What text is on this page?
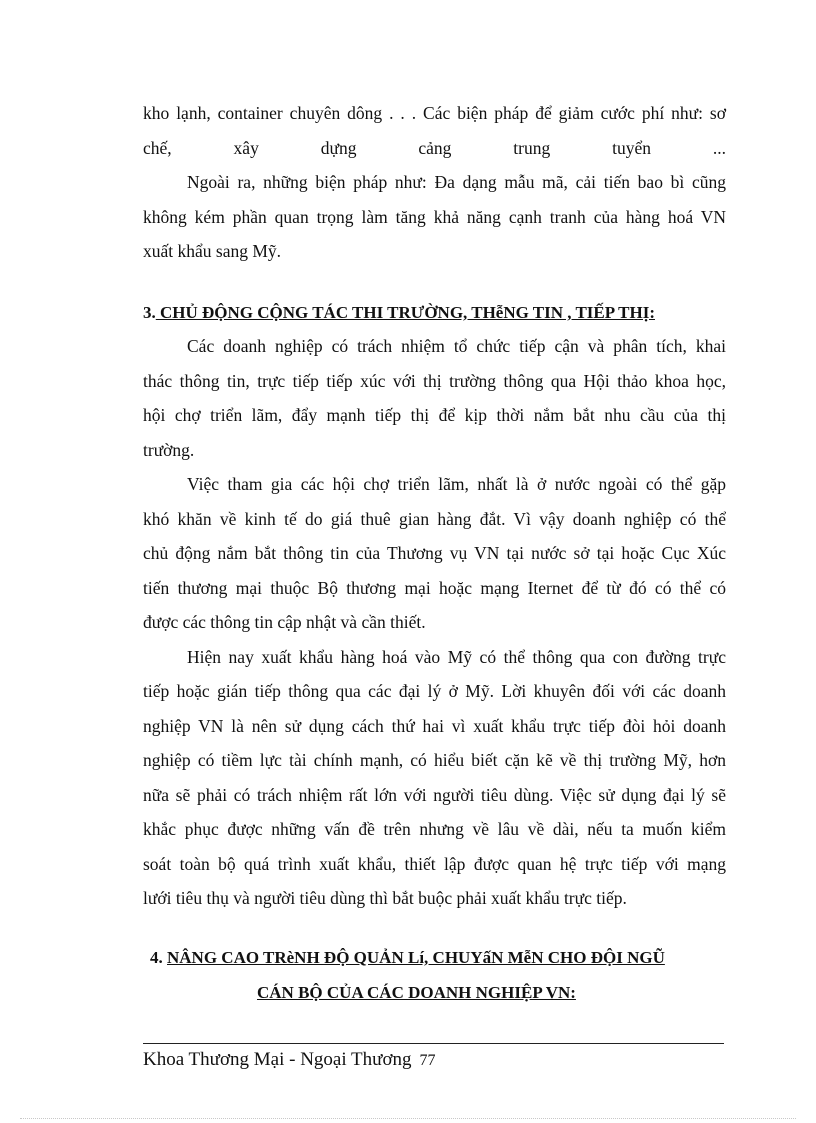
kho lạnh, container chuyên dông . . . Các biện pháp để giảm cước phí như: sơ
chế, xây dựng cảng trung tuyển ...
Ngoài ra, những biện pháp như: Đa dạng mẫu mã, cải tiến bao bì cũng
không kém phần quan trọng làm tăng khả năng cạnh tranh của hàng hoá VN
xuất khẩu sang Mỹ.
3. CHỦ ĐỘNG CỘNG TÁC THI TRƯỜNG, THễNG TIN , TIẾP THỊ:
Các doanh nghiệp có trách nhiệm tổ chức tiếp cận và phân tích, khai
thác thông tin, trực tiếp tiếp xúc với thị trường thông qua Hội thảo khoa học,
hội chợ triển lãm, đẩy mạnh tiếp thị để kịp thời nắm bắt nhu cầu của thị
trường.
Việc tham gia các hội chợ triển lãm, nhất là ở nước ngoài có thể gặp
khó khăn về kinh tế do giá thuê gian hàng đắt. Vì vậy doanh nghiệp có thể
chủ động nắm bắt thông tin của Thương vụ VN tại nước sở tại hoặc Cục Xúc
tiến thương mại thuộc Bộ thương mại hoặc mạng Iternet để từ đó có thể có
được các thông tin cập nhật và cần thiết.
Hiện nay xuất khẩu hàng hoá vào Mỹ có thể thông qua con đường trực
tiếp hoặc gián tiếp thông qua các đại lý ở Mỹ. Lời khuyên đối với các doanh
nghiệp VN là nên sử dụng cách thứ hai vì xuất khẩu trực tiếp đòi hỏi doanh
nghiệp có tiềm lực tài chính mạnh, có hiểu biết cặn kẽ về thị trường Mỹ, hơn
nữa sẽ phải có trách nhiệm rất lớn với người tiêu dùng. Việc sử dụng đại lý sẽ
khắc phục được những vấn đề trên nhưng về lâu về dài, nếu ta muốn kiểm
soát toàn bộ quá trình xuất khẩu, thiết lập được quan hệ trực tiếp với mạng
lưới tiêu thụ và người tiêu dùng thì bắt buộc phải xuất khẩu trực tiếp.
4. NÂNG CAO TRèNH ĐỘ QUẢN Lí, CHUYấN MễN CHO ĐỘI NGŨ
CÁN BỘ CỦA CÁC DOANH NGHIỆP VN:
Khoa Thương Mại - Ngoại Thương 77
